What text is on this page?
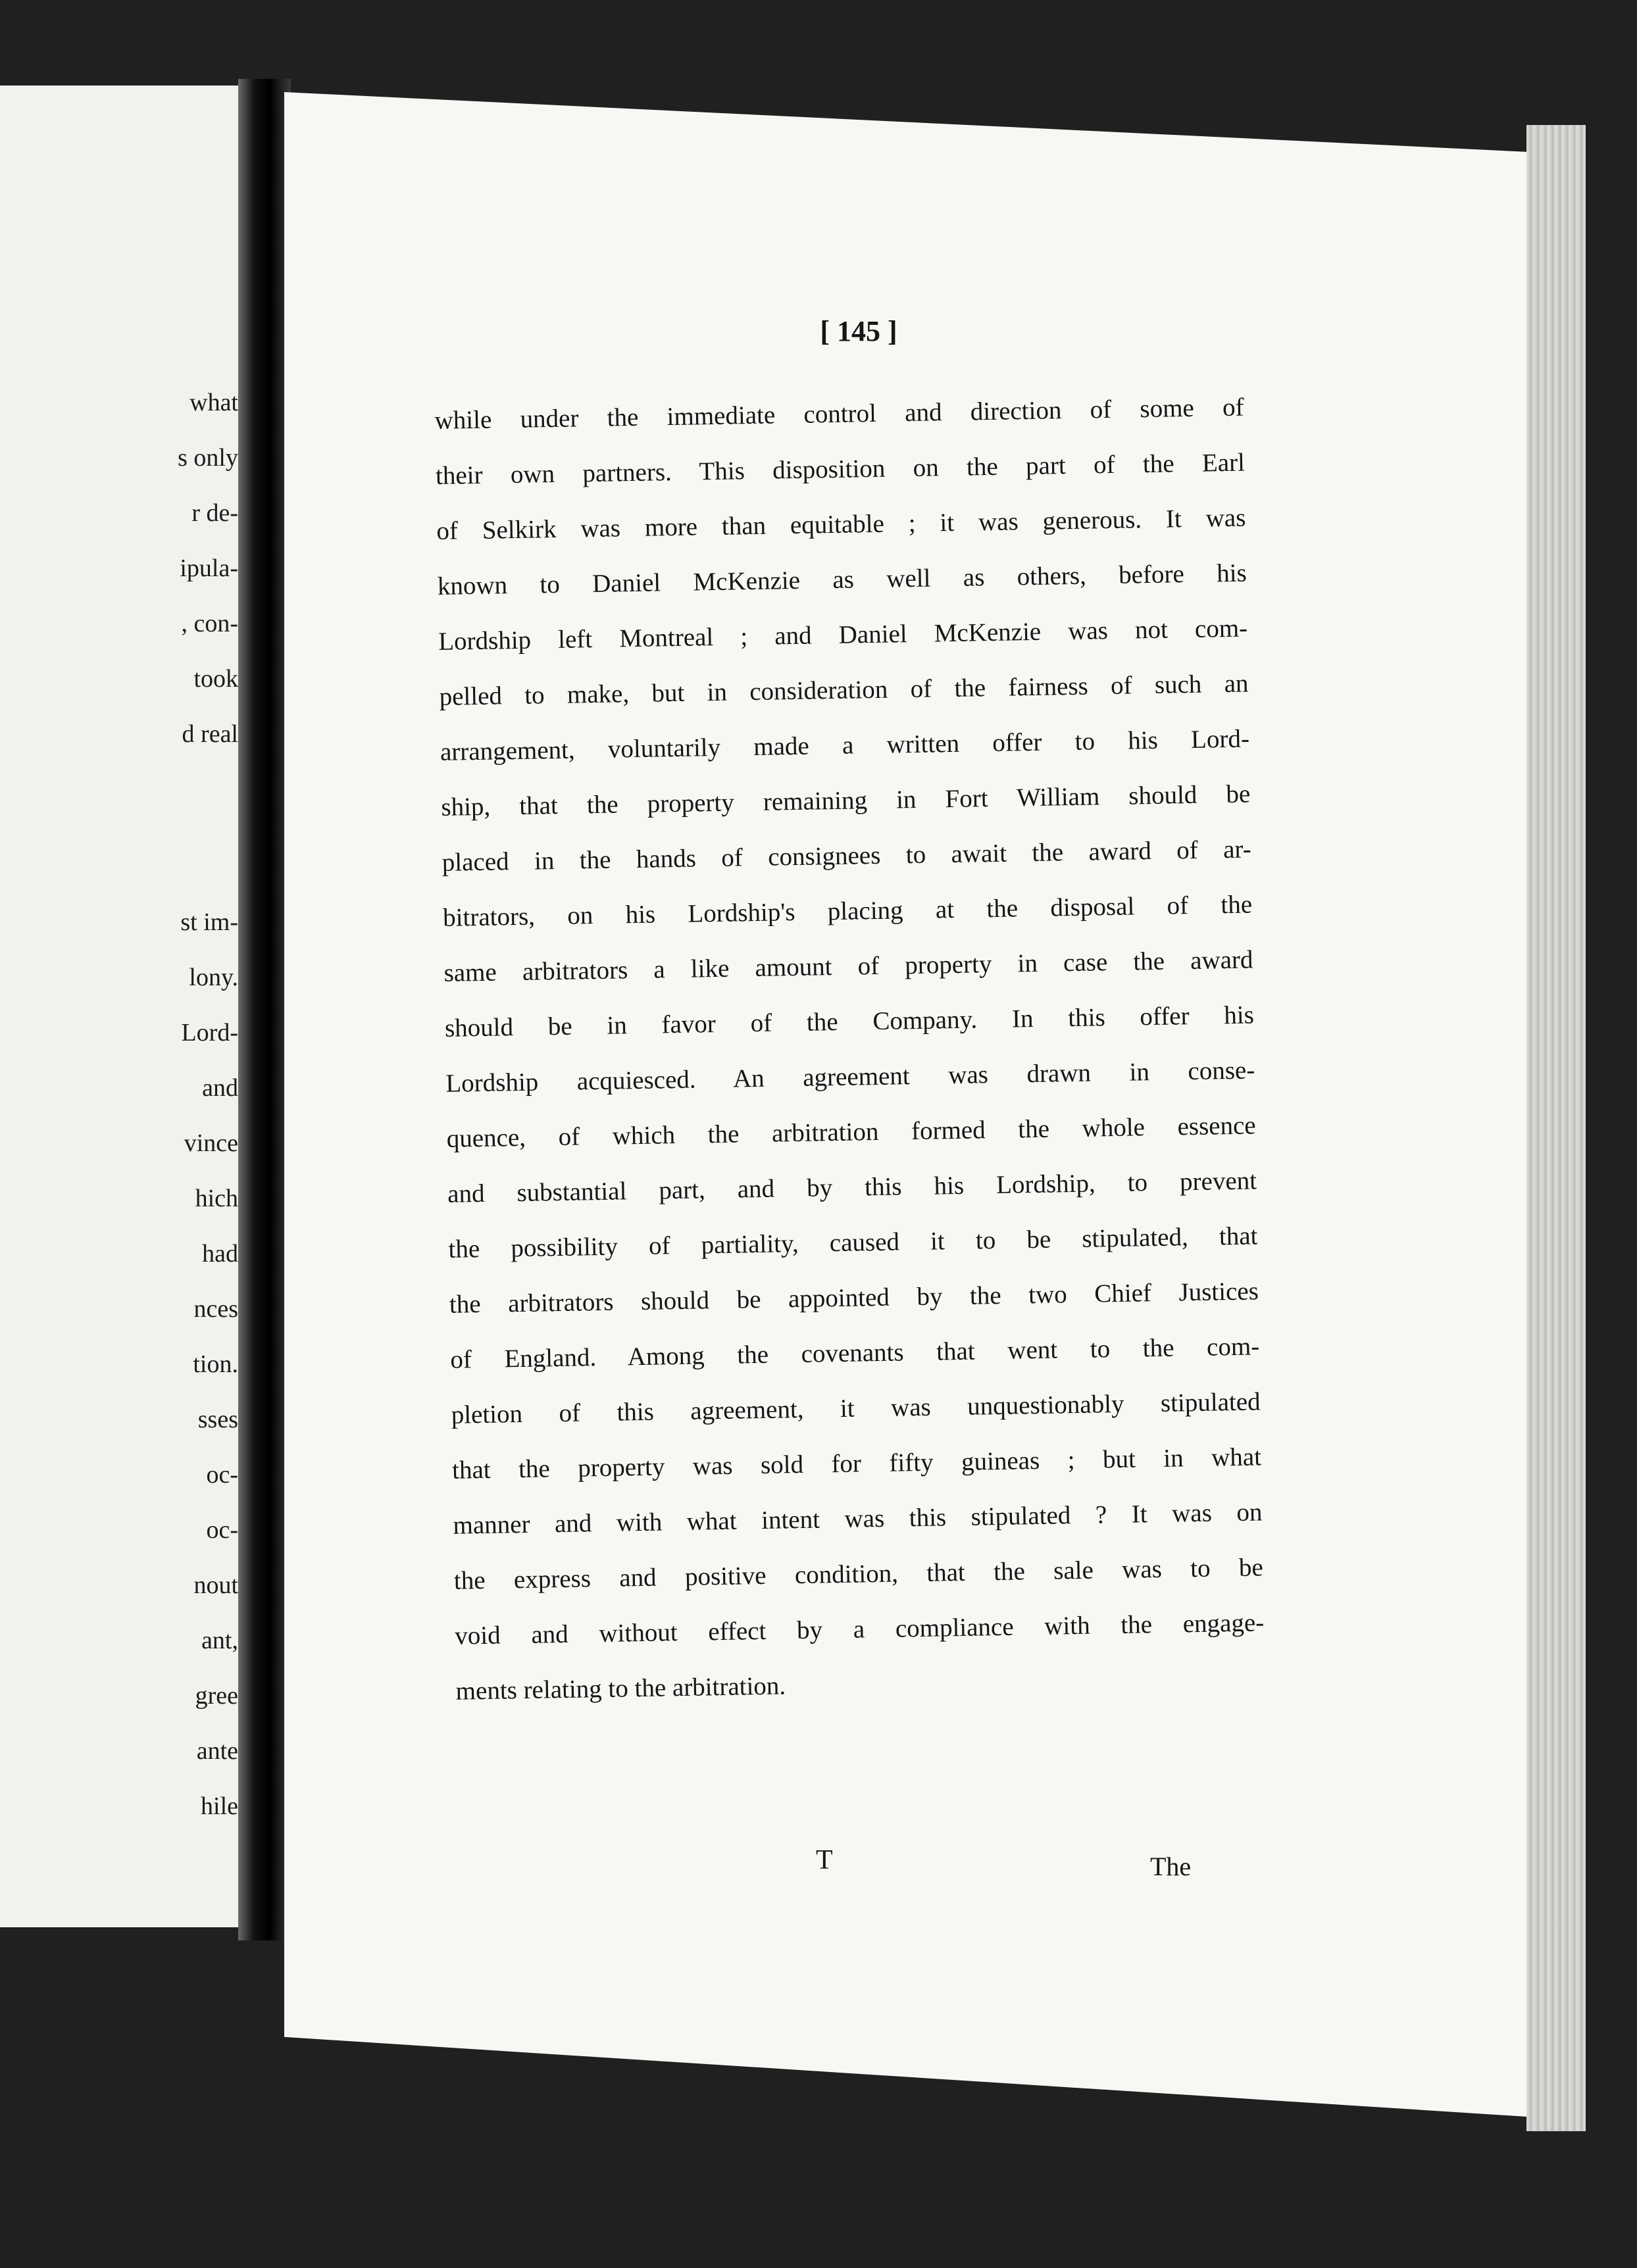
what

s only

r de-

ipula-

, con-

took

d real

st im-

lony.

Lord-

and

vince

hich

had

nces

tion.

sses

oc-

oc-

nout

ant,

gree

ante

hile

[ 145 ]

while under the immediate control and direction of some of

their own partners. This disposition on the part of the Earl

of Selkirk was more than equitable ; it was generous. It was

known to Daniel McKenzie as well as others, before his

Lordship left Montreal ; and Daniel McKenzie was not com-

pelled to make, but in consideration of the fairness of such an

arrangement, voluntarily made a written offer to his Lord-

ship, that the property remaining in Fort William should be

placed in the hands of consignees to await the award of ar-

bitrators, on his Lordship's placing at the disposal of the

same arbitrators a like amount of property in case the award

should be in favor of the Company. In this offer his

Lordship acquiesced. An agreement was drawn in conse-

quence, of which the arbitration formed the whole essence

and substantial part, and by this his Lordship, to prevent

the possibility of partiality, caused it to be stipulated, that

the arbitrators should be appointed by the two Chief Justices

of England. Among the covenants that went to the com-

pletion of this agreement, it was unquestionably stipulated

that the property was sold for fifty guineas ; but in what

manner and with what intent was this stipulated ? It was on

the express and positive condition, that the sale was to be

void and without effect by a compliance with the engage-

ments relating to the arbitration.

T	The
